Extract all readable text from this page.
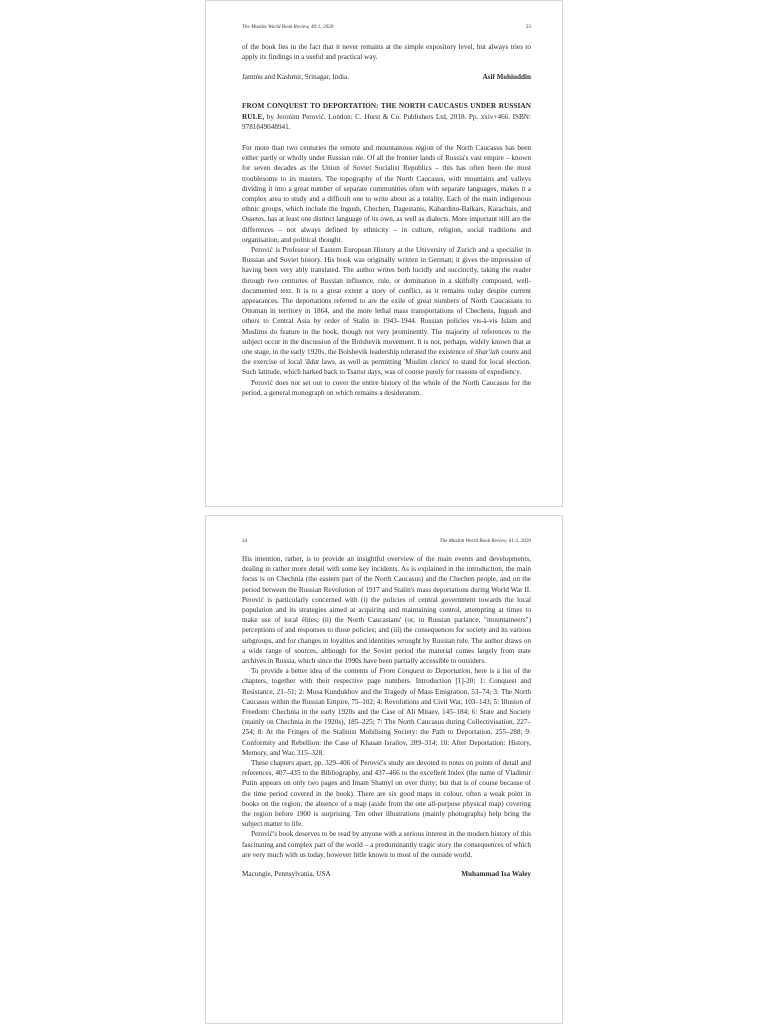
The Muslim World Book Review, 40:1, 2020	23

of the book lies in the fact that it never remains at the simple expository level, but always tries to apply its findings in a useful and practical way.

Jammu and Kashmir, Srinagar, India.	Asif Mohiuddin
FROM CONQUEST TO DEPORTATION: THE NORTH CAUCASUS UNDER RUSSIAN RULE, by Jeronim Perović. London: C. Hurst & Co. Publishers Ltd, 2018. Pp. xxiv+466. ISBN: 9781849048941.

For more than two centuries the remote and mountainous region of the North Caucasus has been either partly or wholly under Russian rule. Of all the frontier lands of Russia's vast empire – known for seven decades as the Union of Soviet Socialist Republics – this has often been the most troublesome to its masters. The topography of the North Caucasus, with mountains and valleys dividing it into a great number of separate communities often with separate languages, makes it a complex area to study and a difficult one to write about as a totality. Each of the main indigenous ethnic groups, which include the Ingush, Chechen, Dagestanis, Kabardino-Balkars, Karachais, and Ossetes, has at least one distinct language of its own, as well as dialects. More important still are the differences – not always defined by ethnicity – in culture, religion, social traditions and organisation, and political thought.

Perović is Professor of Eastern European History at the University of Zurich and a specialist in Russian and Soviet history. His book was originally written in German; it gives the impression of having been very ably translated. The author writes both lucidly and succinctly, taking the reader through two centuries of Russian influence, rule, or domination in a skilfully composed, well-documented text. It is to a great extent a story of conflict, as it remains today despite current appearances. The deportations referred to are the exile of great numbers of North Caucasians to Ottoman in territory in 1864, and the more lethal mass transportations of Chechens, Ingush and others to Central Asia by order of Stalin in 1943–1944. Russian policies vis-à-vis Islam and Muslims do feature in the book, though not very prominently. The majority of references to the subject occur in the discussion of the Bolshevik movement. It is not, perhaps, widely known that at one stage, in the early 1920s, the Bolshevik leadership tolerated the existence of Shar'iah courts and the exercise of local 'ādat laws, as well as permitting 'Muslim clerics' to stand for local election. Such latitude, which harked back to Tsarist days, was of course purely for reasons of expediency.

Perović does not set out to cover the entire history of the whole of the North Caucasus for the period, a general monograph on which remains a desideratum.

24	The Muslim World Book Review, 41:2, 2020

His intention, rather, is to provide an insightful overview of the main events and developments, dealing in rather more detail with some key incidents. As is explained in the introduction, the main focus is on Chechnia (the eastern part of the North Caucasus) and the Chechen people, and on the period between the Russian Revolution of 1917 and Stalin's mass deportations during World War II. Perović is particularly concerned with (i) the policies of central government towards the local population and its strategies aimed at acquiring and maintaining control, attempting at times to make use of local élites; (ii) the North Caucasians' (or, in Russian parlance, "mountaineers") perceptions of and responses to those policies; and (iii) the consequences for society and its various subgroups, and for changes in loyalties and identities wrought by Russian rule. The author draws on a wide range of sources, although for the Soviet period the material comes largely from state archives in Russia, which since the 1990s have been partially accessible to outsiders.

To provide a better idea of the contents of From Conquest to Deportation, here is a list of the chapters, together with their respective page numbers. Introduction [1]-20; 1: Conquest and Resistance, 21–51; 2: Musa Kundukhov and the Tragedy of Mass Emigration, 53–74; 3: The North Caucasus within the Russian Empire, 75–102; 4: Revolutions and Civil War, 103–143; 5: Illusion of Freedom: Chechnia in the early 1920s and the Case of Ali Mitaev, 145–184; 6: State and Society (mainly on Chechnia in the 1920s), 185–225; 7: The North Caucasus during Collectivisation, 227–254; 8: At the Fringes of the Stalinist Mobilising Society: the Path to Deportation, 255–288; 9: Conformity and Rebellion: the Case of Khasan Israilov, 289–314; 10: After Deportation: History, Memory, and War, 315–328.

These chapters apart, pp. 329–406 of Perović's study are devoted to notes on points of detail and references, 407–435 to the Bibliography, and 437–466 to the excellent Index (the name of Vladimir Putin appears on only two pages and Imam Shamyl on over thirty; but that is of course because of the time period covered in the book). There are six good maps in colour, often a weak point in books on the region; the absence of a map (aside from the one all-purpose physical map) covering the region before 1900 is surprising. Ten other illustrations (mainly photographs) help bring the subject matter to life.

Perović's book deserves to be read by anyone with a serious interest in the modern history of this fascinating and complex part of the world – a predominantly tragic story the consequences of which are very much with us today, however little known to most of the outside world.

Macungie, Pennsylvania, USA	Muhammad Isa Waley
